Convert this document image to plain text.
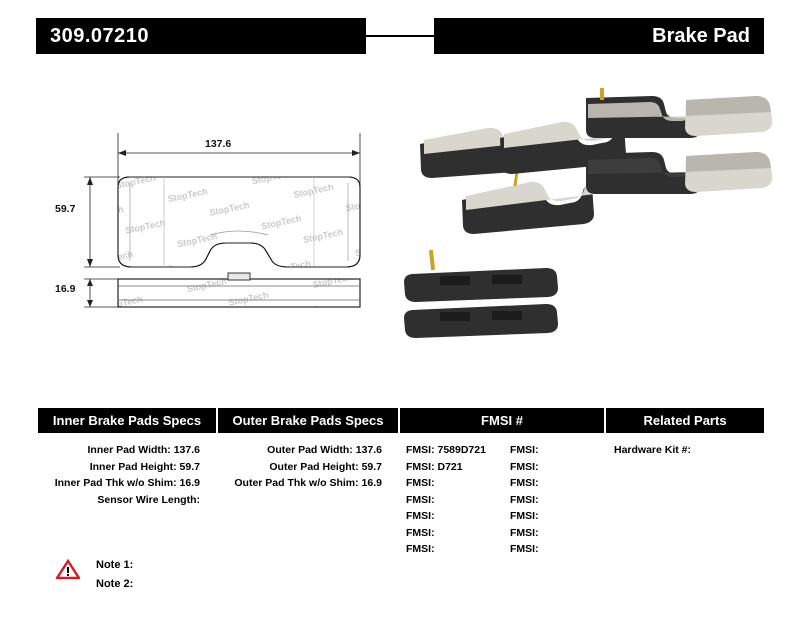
309.07210	Brake Pad
137.6
59.7
16.9
Inner Brake Pads Specs	Outer Brake Pads Specs	FMSI #	Related Parts
Inner Pad Width: 137.6
Inner Pad Height: 59.7
Inner Pad Thk w/o Shim: 16.9
Sensor Wire Length:
Outer Pad Width: 137.6
Outer Pad Height: 59.7
Outer Pad Thk w/o Shim: 16.9
FMSI: 7589D721	FMSI:
FMSI: D721	FMSI:
FMSI:	FMSI:
FMSI:	FMSI:
FMSI:	FMSI:
FMSI:	FMSI:
FMSI:	FMSI:
Hardware Kit #:
Note 1:
Note 2:
